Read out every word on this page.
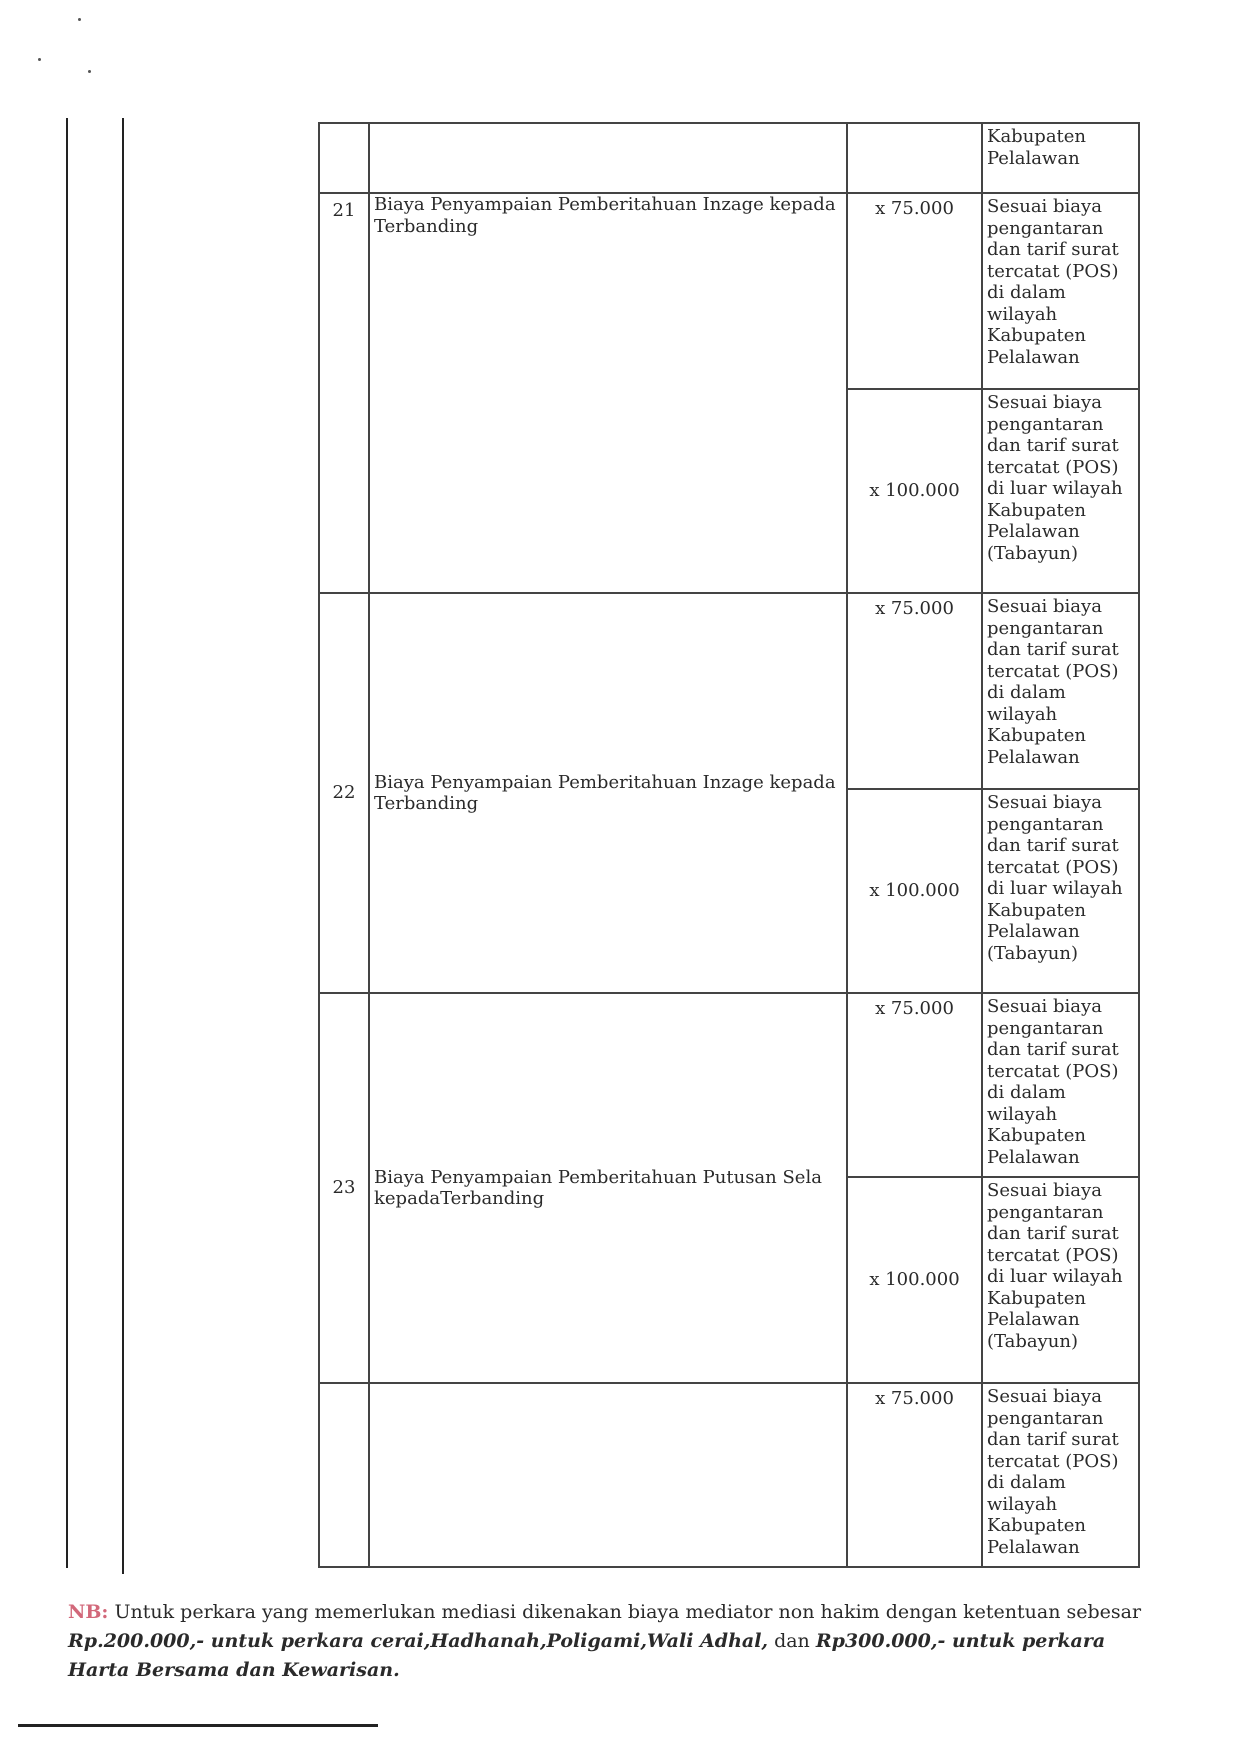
			Kabupaten Pelalawan
21	Biaya Penyampaian Pemberitahuan Inzage kepada Terbanding	x 75.000	Sesuai biaya pengantaran dan tarif surat tercatat (POS) di dalam wilayah Kabupaten Pelalawan
		x 100.000	Sesuai biaya pengantaran dan tarif surat tercatat (POS) di luar wilayah Kabupaten Pelalawan (Tabayun)
22	Biaya Penyampaian Pemberitahuan Inzage kepada Terbanding	x 75.000	Sesuai biaya pengantaran dan tarif surat tercatat (POS) di dalam wilayah Kabupaten Pelalawan
		x 100.000	Sesuai biaya pengantaran dan tarif surat tercatat (POS) di luar wilayah Kabupaten Pelalawan (Tabayun)
23	Biaya Penyampaian Pemberitahuan Putusan Sela kepadaTerbanding	x 75.000	Sesuai biaya pengantaran dan tarif surat tercatat (POS) di dalam wilayah Kabupaten Pelalawan
		x 100.000	Sesuai biaya pengantaran dan tarif surat tercatat (POS) di luar wilayah Kabupaten Pelalawan (Tabayun)
		x 75.000	Sesuai biaya pengantaran dan tarif surat tercatat (POS) di dalam wilayah Kabupaten Pelalawan
NB: Untuk perkara yang memerlukan mediasi dikenakan biaya mediator non hakim dengan ketentuan sebesar Rp.200.000,- untuk perkara cerai,Hadhanah,Poligami,Wali Adhal, dan Rp300.000,- untuk perkara Harta Bersama dan Kewarisan.
